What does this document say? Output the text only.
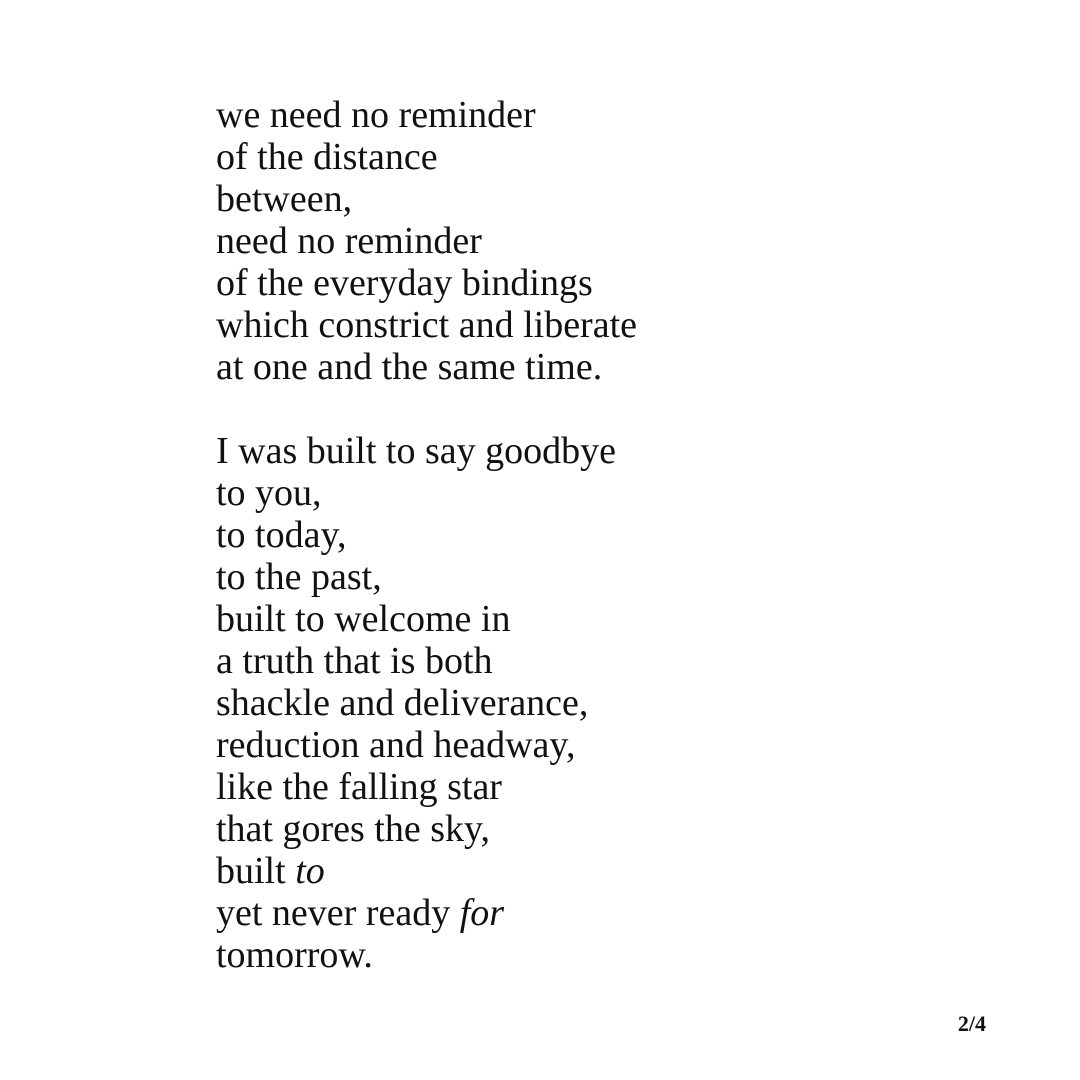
we need no reminder
of the distance
between,
need no reminder
of the everyday bindings
which constrict and liberate
at one and the same time.
I was built to say goodbye
to you,
to today,
to the past,
built to welcome in
a truth that is both
shackle and deliverance,
reduction and headway,
like the falling star
that gores the sky,
built to
yet never ready for
tomorrow.
2/4
